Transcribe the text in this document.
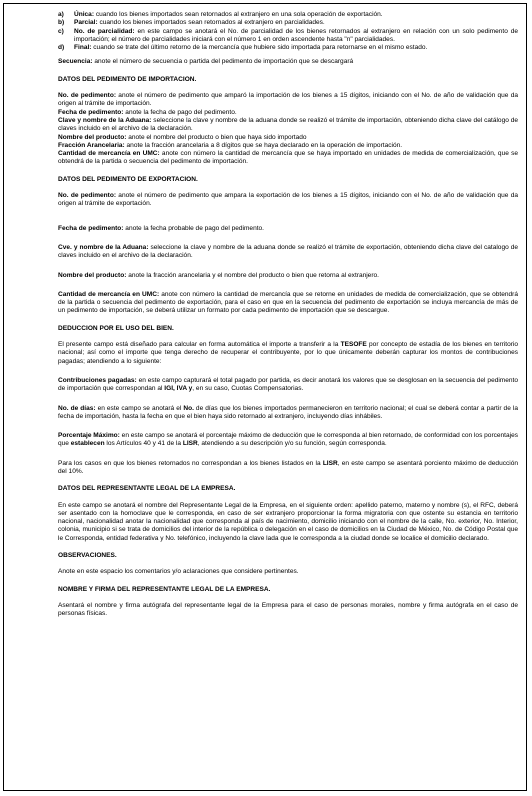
a) Única: cuando los bienes importados sean retornados al extranjero en una sola operación de exportación.
b) Parcial: cuando los bienes importados sean retornados al extranjero en parcialidades.
c) No. de parcialidad: en este campo se anotará el No. de parcialidad de los bienes retornados al extranjero en relación con un solo pedimento de importación; el número de parcialidades iniciará con el número 1 en orden ascendente hasta "n" parcialidades.
d) Final: cuando se trate del último retorno de la mercancía que hubiere sido importada para retornarse en el mismo estado.

Secuencia: anote el número de secuencia o partida del pedimento de importación que se descargará

DATOS DEL PEDIMENTO DE IMPORTACION.

No. de pedimento: anote el número de pedimento que amparó la importación de los bienes a 15 dígitos, iniciando con el No. de año de validación que da origen al trámite de importación.

Fecha de pedimento: anote la fecha de pago del pedimento.

Clave y nombre de la Aduana: seleccione la clave y nombre de la aduana donde se realizó el trámite de importación, obteniendo dicha clave del catálogo de claves incluido en el archivo de la declaración.

Nombre del producto: anote el nombre del producto o bien que haya sido importado

Fracción Arancelaria: anote la fracción arancelaria a 8 dígitos que se haya declarado en la operación de importación.

Cantidad de mercancía en UMC: anote con número la cantidad de mercancía que se haya importado en unidades de medida de comercialización, que se obtendrá de la partida o secuencia del pedimento de importación.

DATOS DEL PEDIMENTO DE EXPORTACION.

No. de pedimento: anote el número de pedimento que ampara la exportación de los bienes a 15 dígitos, iniciando con el No. de año de validación que da origen al trámite de exportación.

Fecha de pedimento: anote la fecha probable de pago del pedimento.

Cve. y nombre de la Aduana: seleccione la clave y nombre de la aduana donde se realizó el trámite de exportación, obteniendo dicha clave del catalogo de claves incluido en el archivo de la declaración.

Nombre del producto: anote la fracción arancelaria y el nombre del producto o bien que retorna al extranjero.

Cantidad de mercancía en UMC: anote con número la cantidad de mercancía que se retorne en unidades de medida de comercialización, que se obtendrá de la partida o secuencia del pedimento de exportación, para el caso en que en la secuencia del pedimento de exportación se incluya mercancía de más de un pedimento de importación, se deberá utilizar un formato por cada pedimento de importación que se descargue.

DEDUCCION POR EL USO DEL BIEN.

El presente campo está diseñado para calcular en forma automática el importe a transferir a la TESOFE por concepto de estadía de los bienes en territorio nacional; así como el importe que tenga derecho de recuperar el contribuyente, por lo que únicamente deberán capturar los montos de contribuciones pagadas; atendiendo a lo siguiente:

Contribuciones pagadas: en este campo capturará el total pagado por partida, es decir anotará los valores que se desglosan en la secuencia del pedimento de importación que correspondan al IGI, IVA y, en su caso, Cuotas Compensatorias.

No. de días: en este campo se anotará el No. de días que los bienes importados permanecieron en territorio nacional; el cual se deberá contar a partir de la fecha de importación, hasta la fecha en que el bien haya sido retornado al extranjero, incluyendo días inhábiles.

Porcentaje Máximo: en este campo se anotará el porcentaje máximo de deducción que le corresponda al bien retornado, de conformidad con los porcentajes que establecen los Artículos 40 y 41 de la LISR, atendiendo a su descripción y/o su función, según corresponda.

Para los casos en que los bienes retornados no correspondan a los bienes listados en la LISR, en este campo se asentará porciento máximo de deducción del 10%.

DATOS DEL REPRESENTANTE LEGAL DE LA EMPRESA.

En este campo se anotará el nombre del Representante Legal de la Empresa, en el siguiente orden: apellido paterno, materno y nombre (s), el RFC, deberá ser asentado con la homoclave que le corresponda, en caso de ser extranjero proporcionar la forma migratoria con que ostente su estancia en territorio nacional, nacionalidad anotar la nacionalidad que corresponda al país de nacimiento, domicilio iniciando con el nombre de la calle, No. exterior, No. Interior, colonia, municipio si se trata de domicilios del interior de la república o delegación en el caso de domicilios en la Ciudad de México, No. de Código Postal que le Corresponda, entidad federativa y No. telefónico, incluyendo la clave lada que le corresponda a la ciudad donde se localice el domicilio declarado.

OBSERVACIONES.

Anote en este espacio los comentarios y/o aclaraciones que considere pertinentes.

NOMBRE Y FIRMA DEL REPRESENTANTE LEGAL DE LA EMPRESA.

Asentará el nombre y firma autógrafa del representante legal de la Empresa para el caso de personas morales, nombre y firma autógrafa en el caso de personas físicas.
